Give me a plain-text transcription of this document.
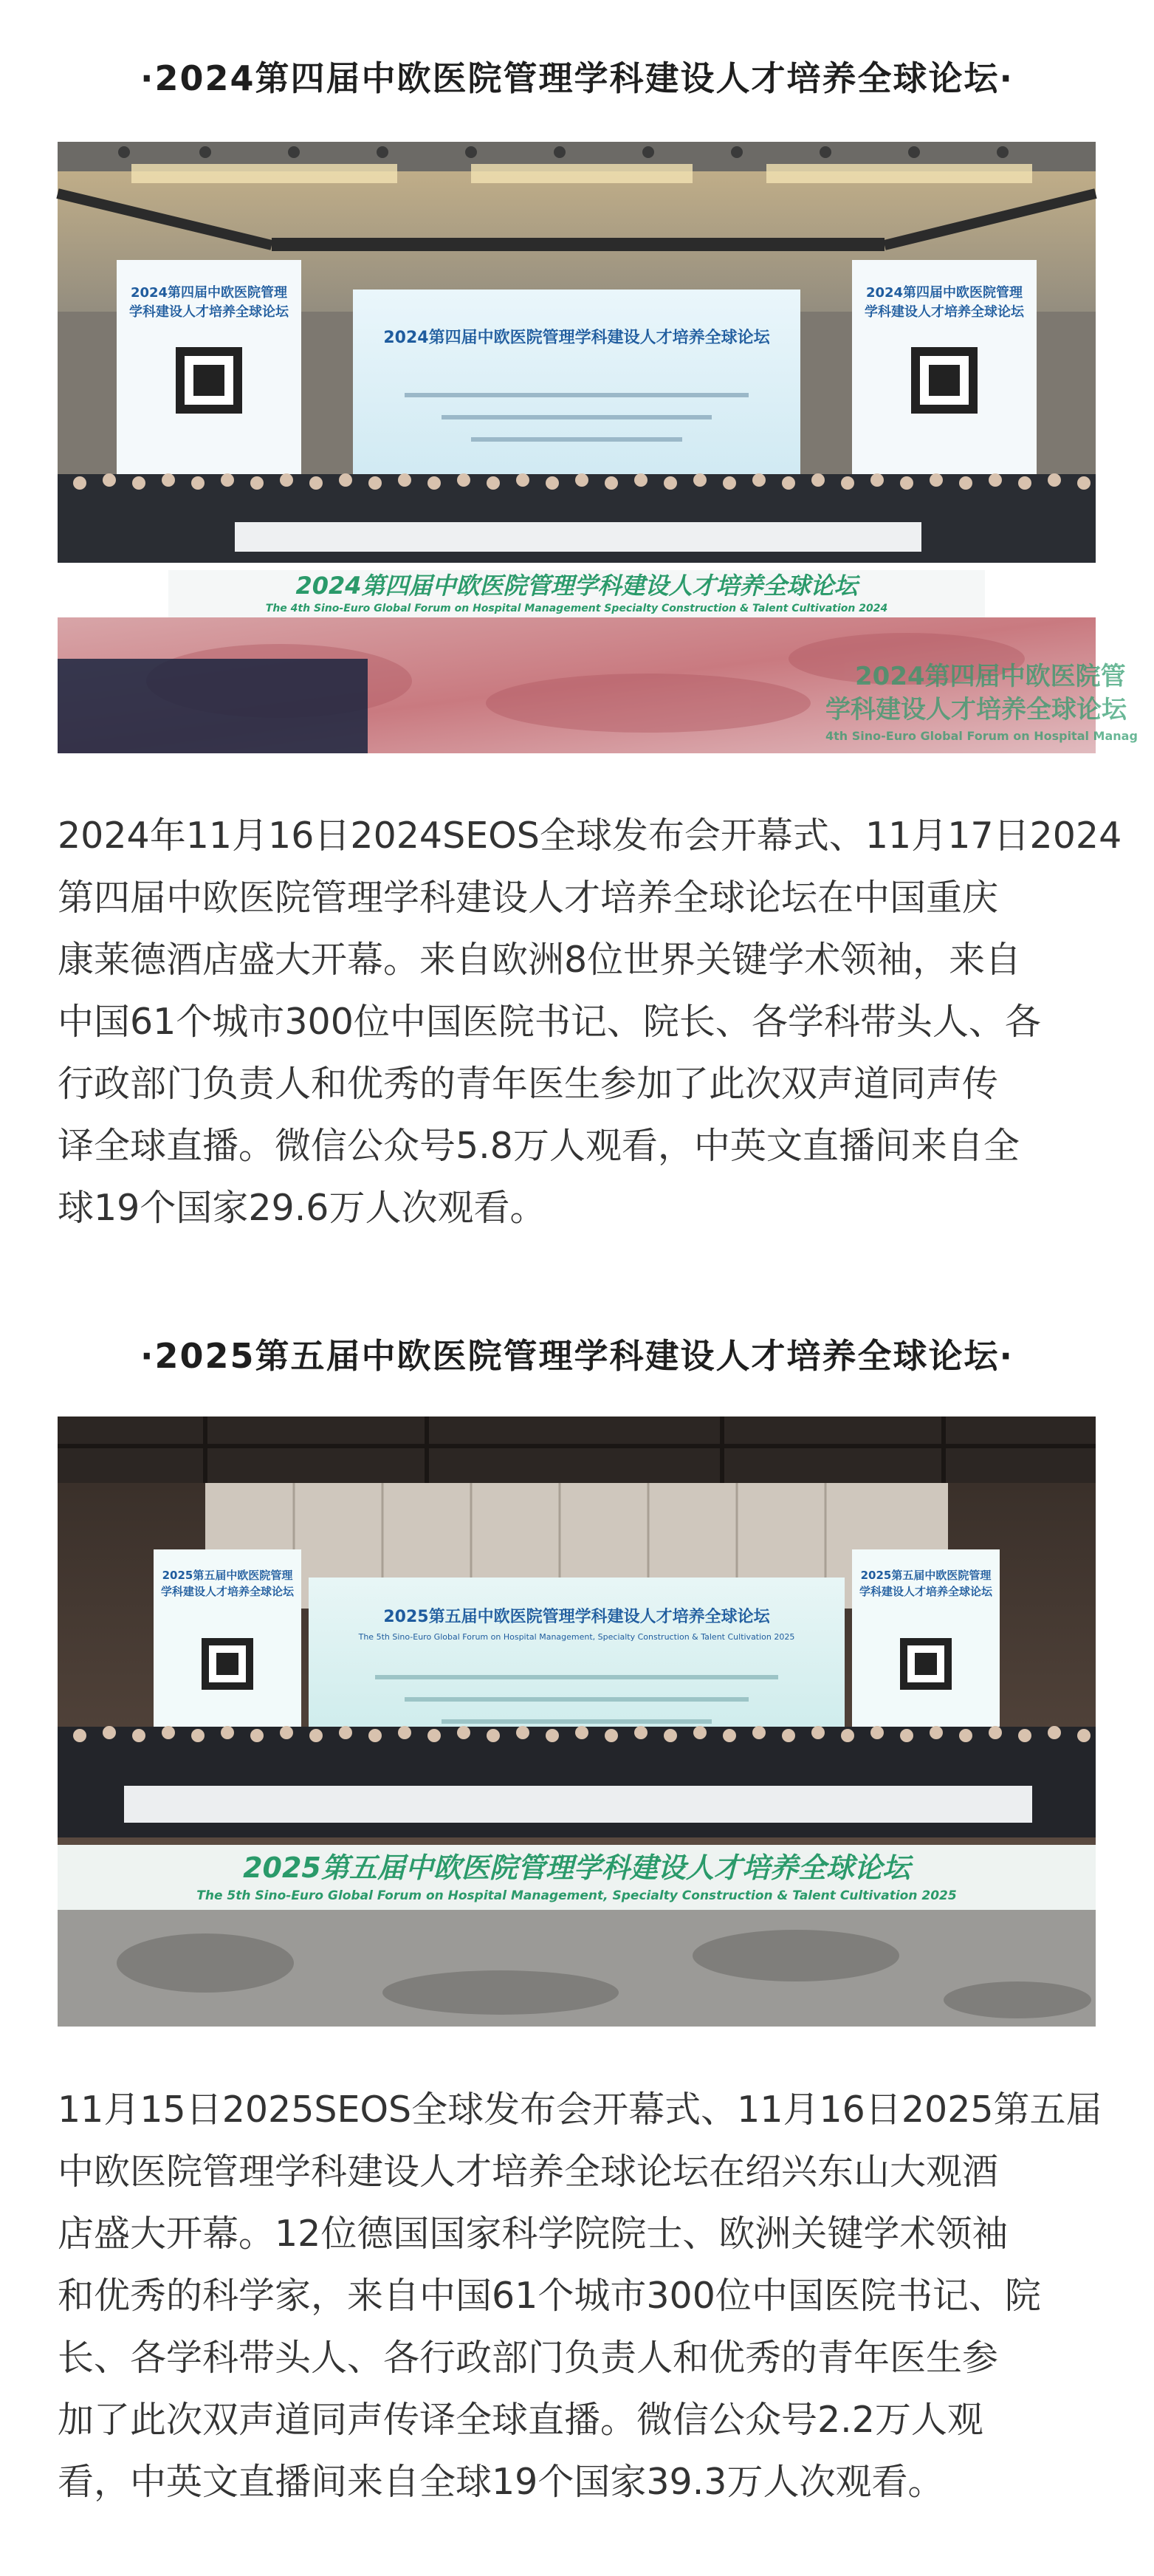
·2024第四届中欧医院管理学科建设人才培养全球论坛·
2024第四届中欧医院管理
学科建设人才培养全球论坛
2024第四届中欧医院管理
学科建设人才培养全球论坛
2024第四届中欧医院管理学科建设人才培养全球论坛
2024第四届中欧医院管理学科建设人才培养全球论坛
The 4th Sino-Euro Global Forum on Hospital Management Specialty Construction & Talent Cultivation 2024
2024第四届中欧医院管
学科建设人才培养全球论坛
4th Sino-Euro Global Forum on Hospital Manag
2024年11月16日2024SEOS全球发布会开幕式、11月17日2024
第四届中欧医院管理学科建设人才培养全球论坛在中国重庆
康莱德酒店盛大开幕。来自欧洲8位世界关键学术领袖，来自
中国61个城市300位中国医院书记、院长、各学科带头人、各
行政部门负责人和优秀的青年医生参加了此次双声道同声传
译全球直播。微信公众号5.8万人观看，中英文直播间来自全
球19个国家29.6万人次观看。
·2025第五届中欧医院管理学科建设人才培养全球论坛·
2025第五届中欧医院管理
学科建设人才培养全球论坛
2025第五届中欧医院管理
学科建设人才培养全球论坛
2025第五届中欧医院管理学科建设人才培养全球论坛
The 5th Sino-Euro Global Forum on Hospital Management, Specialty Construction & Talent Cultivation 2025
2025第五届中欧医院管理学科建设人才培养全球论坛
The 5th Sino-Euro Global Forum on Hospital Management, Specialty Construction & Talent Cultivation 2025
11月15日2025SEOS全球发布会开幕式、11月16日2025第五届
中欧医院管理学科建设人才培养全球论坛在绍兴东山大观酒
店盛大开幕。12位德国国家科学院院士、欧洲关键学术领袖
和优秀的科学家，来自中国61个城市300位中国医院书记、院
长、各学科带头人、各行政部门负责人和优秀的青年医生参
加了此次双声道同声传译全球直播。微信公众号2.2万人观
看，中英文直播间来自全球19个国家39.3万人次观看。
